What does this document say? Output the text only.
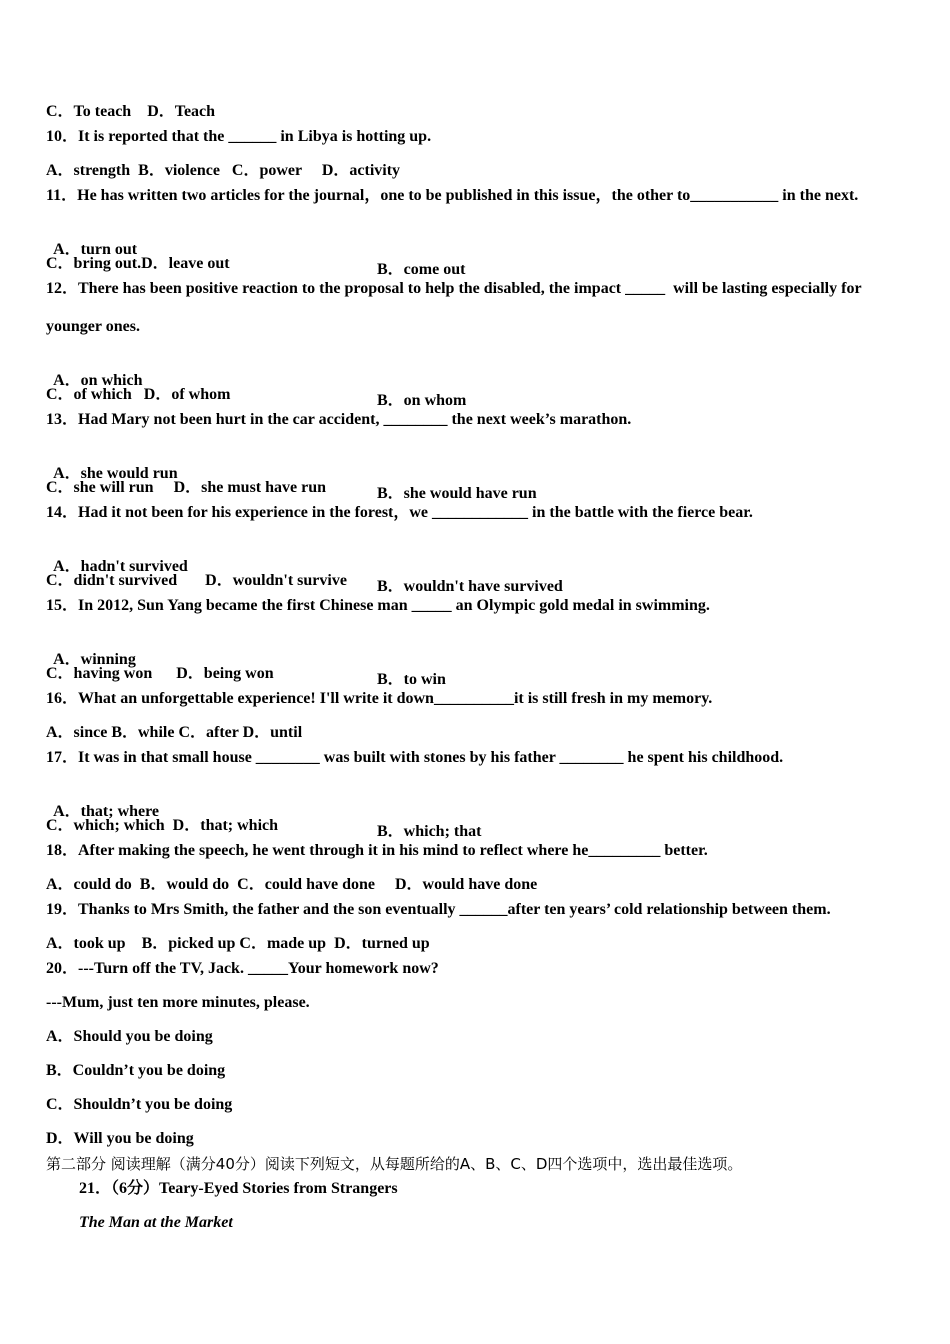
C．To teach    D．Teach
10．It is reported that the ______ in Libya is hotting up.
A．strength  B．violence   C．power     D．activity
11．He has written two articles for the journal，one to be published in this issue，the other to___________ in the next.

A．turn out

B．come out

C．bring out.D．leave out
12．There has been positive reaction to the proposal to help the disabled, the impact _____  will be lasting especially for
younger ones.

A．on which

B．on whom

C．of which   D．of whom
13．Had Mary not been hurt in the car accident, ________ the next week’s marathon.

A．she would run

B．she would have run

C．she will run     D．she must have run
14．Had it not been for his experience in the forest，we ____________ in the battle with the fierce bear.

A．hadn't survived

B．wouldn't have survived

C．didn't survived       D．wouldn't survive
15．In 2012, Sun Yang became the first Chinese man _____ an Olympic gold medal in swimming.

A．winning

B．to win

C．having won      D．being won
16．What an unforgettable experience! I'll write it down__________it is still fresh in my memory.
A．since B．while C．after D．until
17．It was in that small house ________ was built with stones by his father ________ he spent his childhood.

A．that; where

B．which; that

C．which; which  D．that; which
18．After making the speech, he went through it in his mind to reflect where he_________ better.
A．could do  B．would do  C．could have done     D．would have done
19．Thanks to Mrs Smith, the father and the son eventually ______after ten years’ cold relationship between them.
A．took up    B．picked up C．made up  D．turned up
20．---Turn off the TV, Jack. _____Your homework now?
---Mum, just ten more minutes, please.
A．Should you be doing
B．Couldn’t you be doing
C．Shouldn’t you be doing
D．Will you be doing
第二部分 阅读理解（满分40分）阅读下列短文，从每题所给的A、B、C、D四个选项中，选出最佳选项。
21．（6分）Teary-Eyed Stories from Strangers
The Man at the Market
